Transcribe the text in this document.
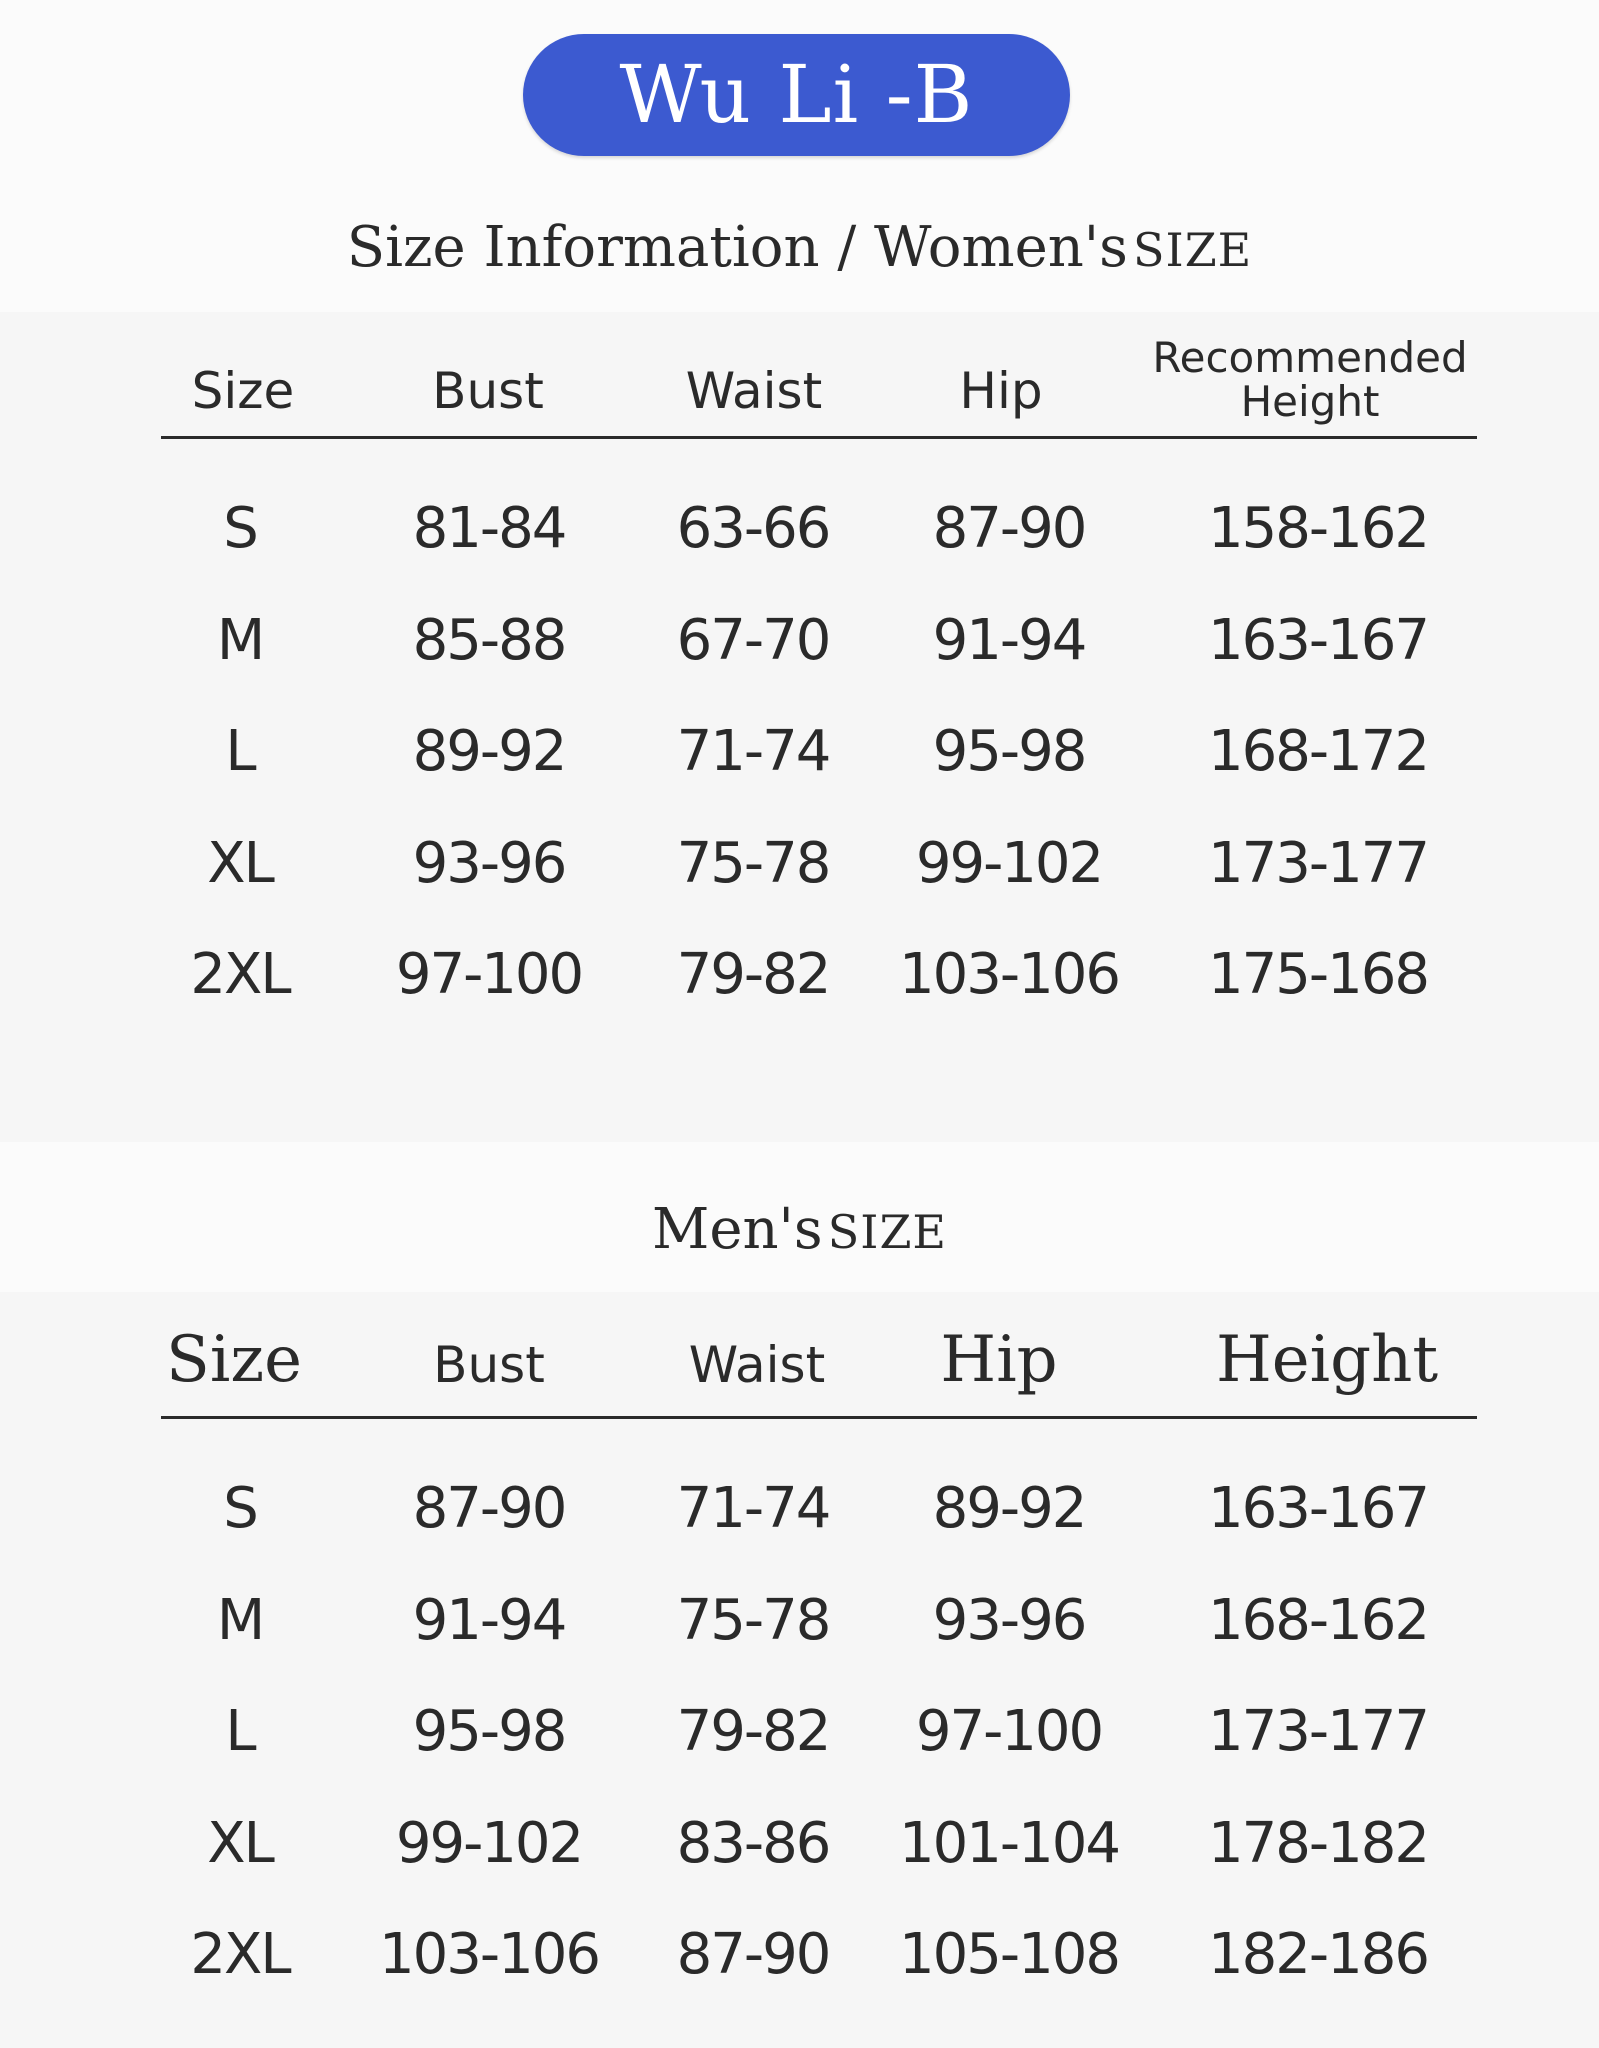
Wu Li -B
Size Information / Women's SIZE
Size	Bust	Waist	Hip
Recommended
Height
S	81-84 63-66 87-90 158-162
M	85-88 67-70 91-94 163-167
L	89-92 71-74 95-98 168-172
XL 93-96 75-78 99-102 173-177
2XL 97-100 79-82 103-106 175-168
Men's SIZE
Size	Bust	Waist Hip Height
S	87-90 71-74 89-92 163-167
M	91-94 75-78 93-96 168-162
L	95-98 79-82 97-100 173-177
XL 99-102 83-86 101-104 178-182
2XL 103-106 87-90 105-108 182-186
